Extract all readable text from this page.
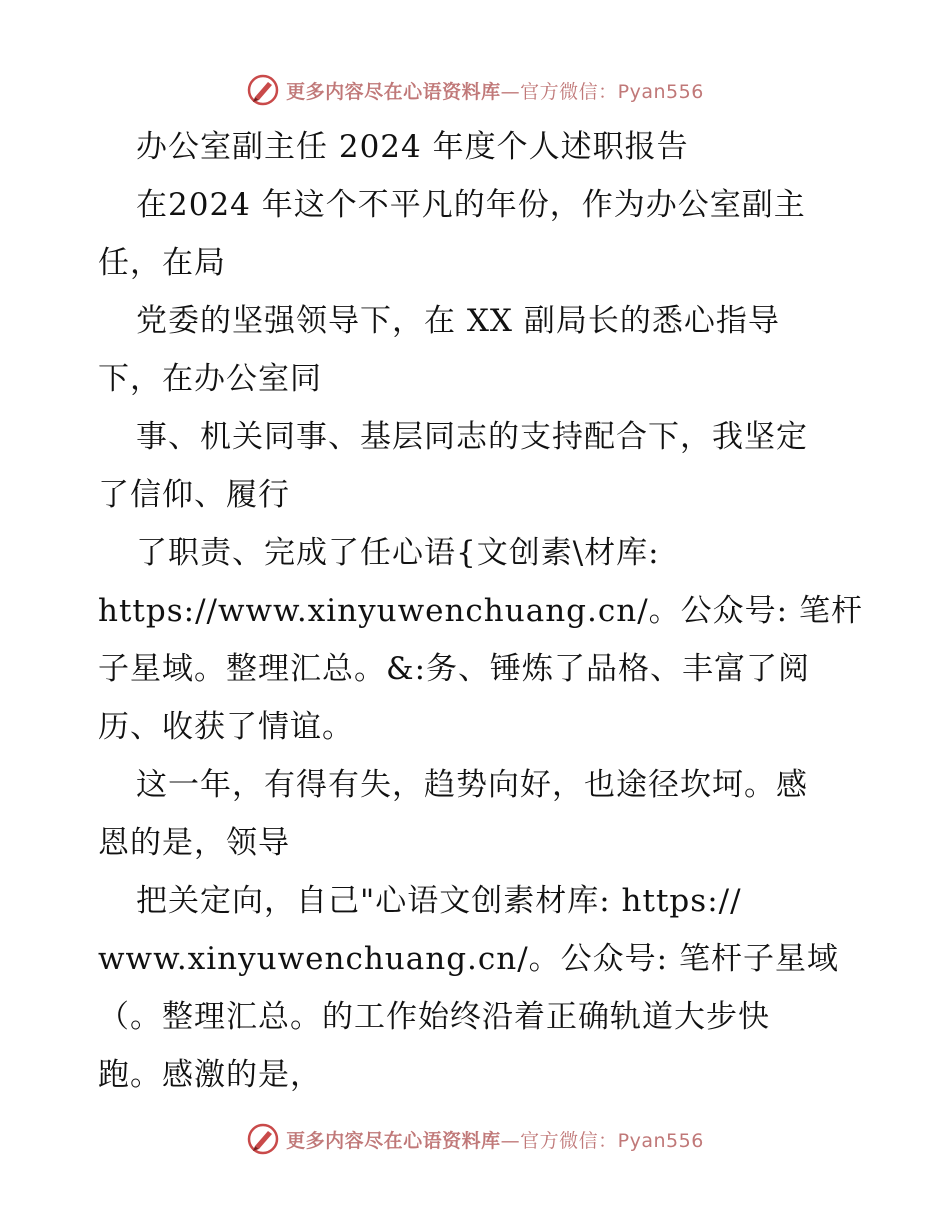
更多内容尽在心语资料库—官方微信：Pyan556
办公室副主任 2024 年度个人述职报告
在2024 年这个不平凡的年份，作为办公室副主
任，在局
党委的坚强领导下，在 XX 副局长的悉心指导
下，在办公室同
事、机关同事、基层同志的支持配合下，我坚定
了信仰、履行
了职责、完成了任心语{文创素\材库:
https://www.xinyuwenchuang.cn/。公众号: 笔杆
子星域。整理汇总。&:务、锤炼了品格、丰富了阅
历、收获了情谊。
这一年，有得有失，趋势向好，也途径坎坷。感
恩的是，领导
把关定向，自己"心语文创素材库: https://
www.xinyuwenchuang.cn/。公众号: 笔杆子星域
（。整理汇总。的工作始终沿着正确轨道大步快
跑。感激的是，
更多内容尽在心语资料库—官方微信：Pyan556
